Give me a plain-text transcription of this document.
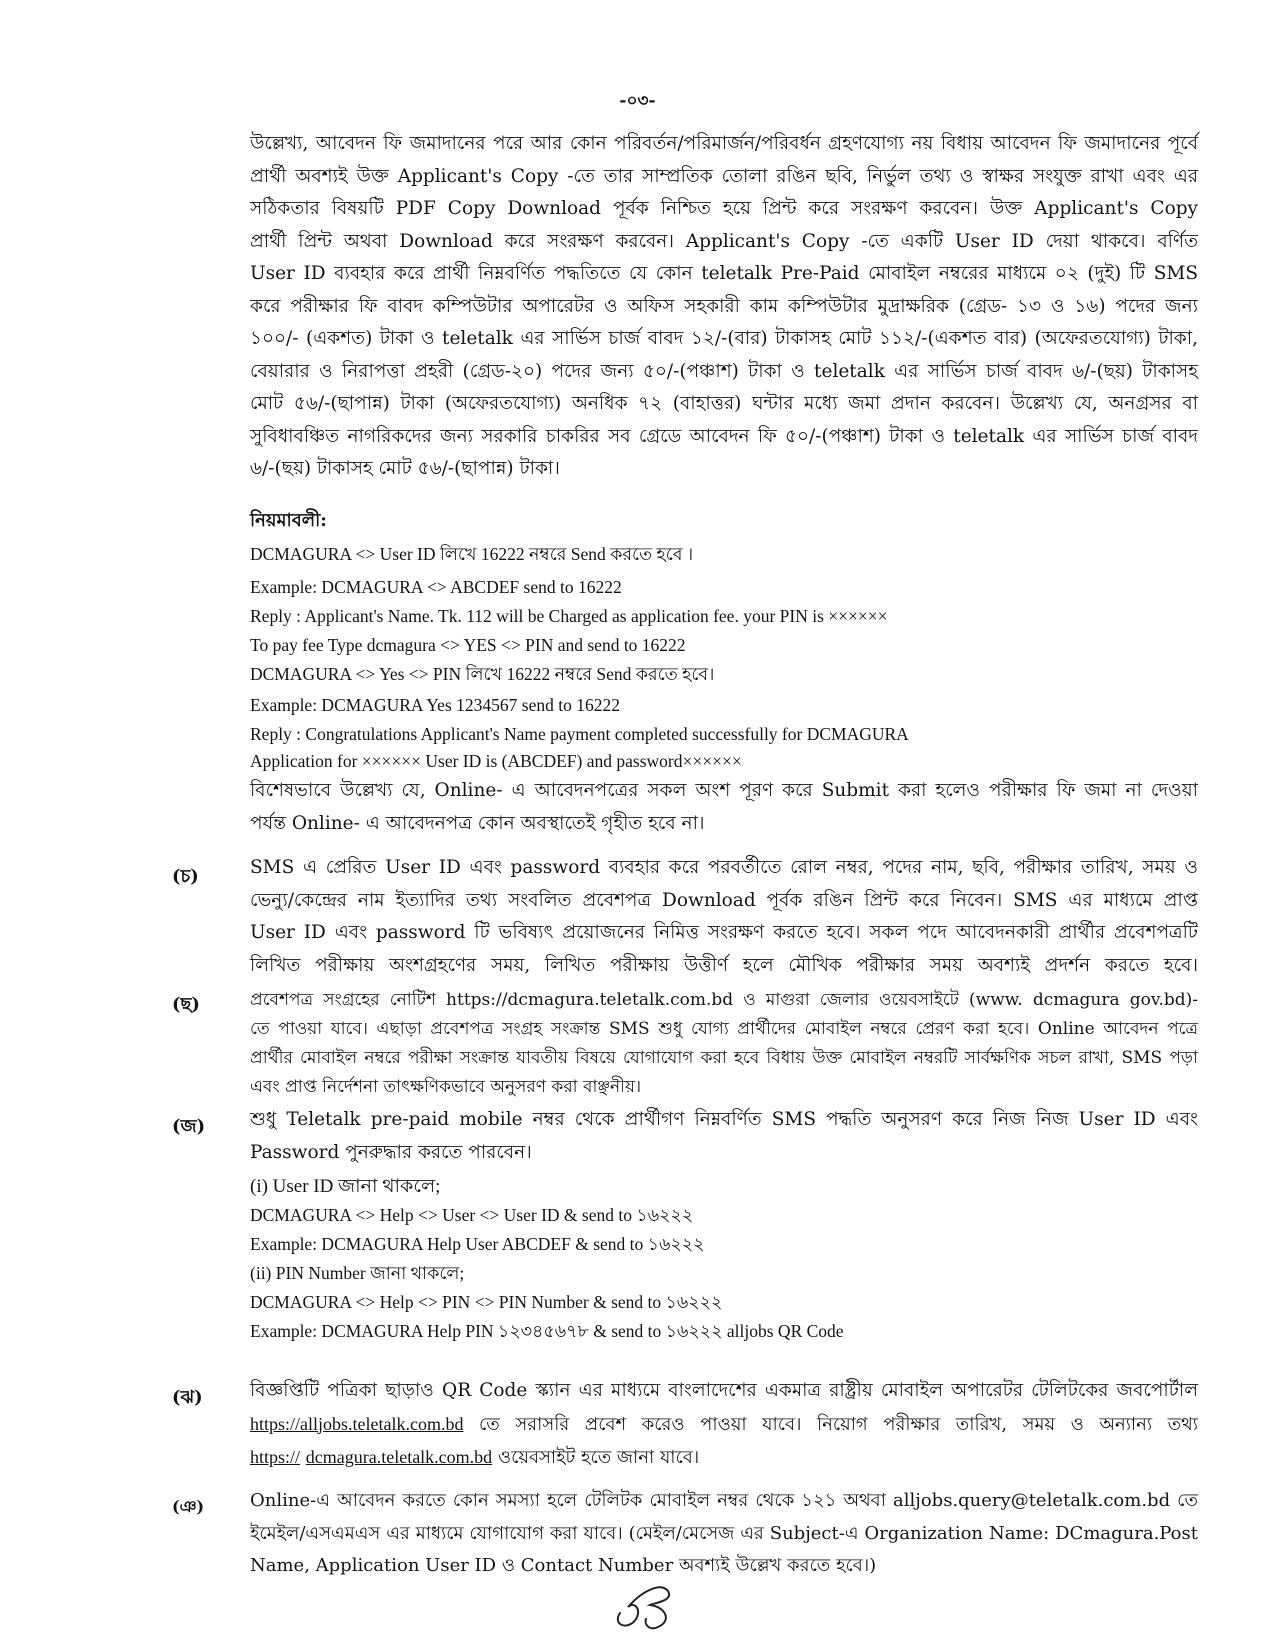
-০৩-
উল্লেখ্য, আবেদন ফি জমাদানের পরে আর কোন পরিবর্তন/পরিমার্জন/পরিবর্ধন গ্রহণযোগ্য নয় বিধায় আবেদন ফি জমাদানের পূর্বে
প্রার্থী অবশ্যই উক্ত Applicant's Copy -তে তার সাম্প্রতিক তোলা রঙিন ছবি, নির্ভুল তথ্য ও স্বাক্ষর সংযুক্ত রাখা এবং এর
সঠিকতার বিষয়টি PDF Copy Download পূর্বক নিশ্চিত হয়ে প্রিন্ট করে সংরক্ষণ করবেন। উক্ত Applicant's Copy
প্রার্থী প্রিন্ট অথবা Download করে সংরক্ষণ করবেন। Applicant's Copy -তে একটি User ID দেয়া থাকবে। বর্ণিত
User ID ব্যবহার করে প্রার্থী নিম্নবর্ণিত পদ্ধতিতে যে কোন teletalk Pre-Paid মোবাইল নম্বরের মাধ্যমে ০২ (দুই) টি SMS
করে পরীক্ষার ফি বাবদ কম্পিউটার অপারেটর ও অফিস সহকারী কাম কম্পিউটার মুদ্রাক্ষরিক (গ্রেড- ১৩ ও ১৬) পদের জন্য
১০০/- (একশত) টাকা ও teletalk এর সার্ভিস চার্জ বাবদ ১২/-(বার) টাকাসহ মোট ১১২/-(একশত বার) (অফেরতযোগ্য) টাকা,
বেয়ারার ও নিরাপত্তা প্রহরী (গ্রেড-২০) পদের জন্য ৫০/-(পঞ্চাশ) টাকা ও teletalk এর সার্ভিস চার্জ বাবদ ৬/-(ছয়) টাকাসহ
মোট ৫৬/-(ছাপান্ন) টাকা (অফেরতযোগ্য) অনধিক ৭২ (বাহাত্তর) ঘন্টার মধ্যে জমা প্রদান করবেন। উল্লেখ্য যে, অনগ্রসর বা
সুবিধাবঞ্চিত নাগরিকদের জন্য সরকারি চাকরির সব গ্রেডে আবেদন ফি ৫০/-(পঞ্চাশ) টাকা ও teletalk এর সার্ভিস চার্জ বাবদ
৬/-(ছয়) টাকাসহ মোট ৫৬/-(ছাপান্ন) টাকা।
নিয়মাবলী:
DCMAGURA <> User ID লিখে 16222 নম্বরে Send করতে হবে ।
Example: DCMAGURA <> ABCDEF send to 16222
Reply : Applicant's Name. Tk. 112 will be Charged as application fee. your PIN is ××××××
To pay fee Type dcmagura <> YES <> PIN and send to 16222
DCMAGURA <> Yes <> PIN লিখে 16222 নম্বরে Send করতে হবে।
Example: DCMAGURA Yes 1234567 send to 16222
Reply : Congratulations Applicant's Name payment completed successfully for DCMAGURA
Application for ×××××× User ID is (ABCDEF) and password××××××
বিশেষভাবে উল্লেখ্য যে, Online- এ আবেদনপত্রের সকল অংশ পূরণ করে Submit করা হলেও পরীক্ষার ফি জমা না দেওয়া
পর্যন্ত Online- এ আবেদনপত্র কোন অবস্থাতেই গৃহীত হবে না।
(চ)	SMS এ প্রেরিত User ID এবং password ব্যবহার করে পরবর্তীতে রোল নম্বর, পদের নাম, ছবি, পরীক্ষার তারিখ, সময় ও
ভেন্যু/কেন্দ্রের নাম ইত্যাদির তথ্য সংবলিত প্রবেশপত্র Download পূর্বক রঙিন প্রিন্ট করে নিবেন। SMS এর মাধ্যমে প্রাপ্ত
User ID এবং password টি ভবিষ্যৎ প্রয়োজনের নিমিত্ত সংরক্ষণ করতে হবে। সকল পদে আবেদনকারী প্রার্থীর প্রবেশপত্রটি
লিখিত পরীক্ষায় অংশগ্রহণের সময়, লিখিত পরীক্ষায় উত্তীর্ণ হলে মৌখিক পরীক্ষার সময় অবশ্যই প্রদর্শন করতে হবে।
(ছ)	প্রবেশপত্র সংগ্রহের নোটিশ https://dcmagura.teletalk.com.bd ও মাগুরা জেলার ওয়েবসাইটে (www. dcmagura gov.bd)-
তে পাওয়া যাবে। এছাড়া প্রবেশপত্র সংগ্রহ সংক্রান্ত SMS শুধু যোগ্য প্রার্থীদের মোবাইল নম্বরে প্রেরণ করা হবে। Online আবেদন পত্রে
প্রার্থীর মোবাইল নম্বরে পরীক্ষা সংক্রান্ত যাবতীয় বিষয়ে যোগাযোগ করা হবে বিধায় উক্ত মোবাইল নম্বরটি সার্বক্ষণিক সচল রাখা, SMS পড়া
এবং প্রাপ্ত নির্দেশনা তাৎক্ষণিকভাবে অনুসরণ করা বাঞ্ছনীয়।
(জ) শুধু Teletalk pre-paid mobile নম্বর থেকে প্রার্থীগণ নিম্নবর্ণিত SMS পদ্ধতি অনুসরণ করে নিজ নিজ User ID এবং
Password পুনরুদ্ধার করতে পারবেন।
(i) User ID জানা থাকলে;
DCMAGURA <> Help <> User <> User ID & send to ১৬২২২
Example: DCMAGURA Help User ABCDEF & send to ১৬২২২
(ii) PIN Number জানা থাকলে;
DCMAGURA <> Help <> PIN <> PIN Number & send to ১৬২২২
Example: DCMAGURA Help PIN ১২৩৪৫৬৭৮ & send to ১৬২২২ alljobs QR Code
(ঝ)	বিজ্ঞপ্তিটি পত্রিকা ছাড়াও QR Code স্ক্যান এর মাধ্যমে বাংলাদেশের একমাত্র রাষ্ট্রীয় মোবাইল অপারেটর টেলিটকের জবপোর্টাল
https://alljobs.teletalk.com.bd তে সরাসরি প্রবেশ করেও পাওয়া যাবে। নিয়োগ পরীক্ষার তারিখ, সময় ও অন্যান্য তথ্য
https:// dcmagura.teletalk.com.bd ওয়েবসাইট হতে জানা যাবে।
(ঞ)	Online-এ আবেদন করতে কোন সমস্যা হলে টেলিটক মোবাইল নম্বর থেকে ১২১ অথবা alljobs.query@teletalk.com.bd তে
ইমেইল/এসএমএস এর মাধ্যমে যোগাযোগ করা যাবে। (মেইল/মেসেজ এর Subject-এ Organization Name: DCmagura.Post
Name, Application User ID ও Contact Number অবশ্যই উল্লেখ করতে হবে।)
